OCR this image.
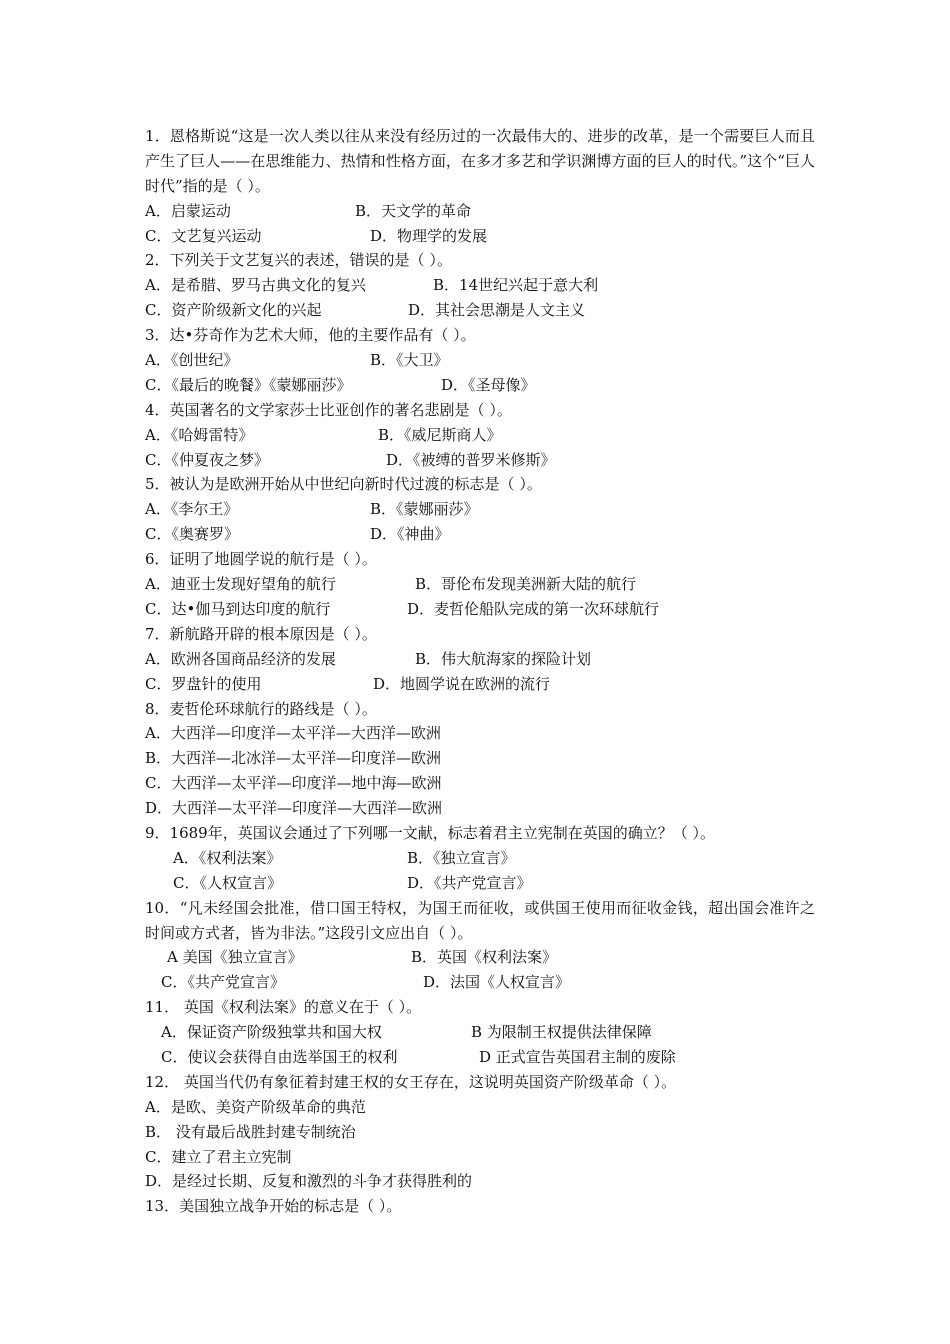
1．恩格斯说“这是一次人类以往从来没有经历过的一次最伟大的、进步的改革，是一个需要巨人而且产生了巨人——在思维能力、热情和性格方面，在多才多艺和学识渊博方面的巨人的时代。”这个“巨人时代”指的是（ ）。
A．启蒙运动	B．天文学的革命
C．文艺复兴运动	D．物理学的发展
2．下列关于文艺复兴的表述，错误的是（ ）。
A．是希腊、罗马古典文化的复兴	B．14世纪兴起于意大利
C．资产阶级新文化的兴起	D．其社会思潮是人文主义
3．达•芬奇作为艺术大师，他的主要作品有（ ）。
A．《创世纪》	B．《大卫》
C．《最后的晚餐》《蒙娜丽莎》	D．《圣母像》
4．英国著名的文学家莎士比亚创作的著名悲剧是（ ）。
A．《哈姆雷特》	B．《威尼斯商人》
C．《仲夏夜之梦》	D．《被缚的普罗米修斯》
5．被认为是欧洲开始从中世纪向新时代过渡的标志是（ ）。
A．《李尔王》	B．《蒙娜丽莎》
C．《奥赛罗》	D．《神曲》
6．证明了地圆学说的航行是（ ）。
A．迪亚士发现好望角的航行	B．哥伦布发现美洲新大陆的航行
C．达•伽马到达印度的航行	D．麦哲伦船队完成的第一次环球航行
7．新航路开辟的根本原因是（ ）。
A．欧洲各国商品经济的发展	B．伟大航海家的探险计划
C．罗盘针的使用	D．地圆学说在欧洲的流行
8．麦哲伦环球航行的路线是（ ）。
A．大西洋—印度洋—太平洋—大西洋—欧洲
B．大西洋—北冰洋—太平洋—印度洋—欧洲
C．大西洋—太平洋—印度洋—地中海—欧洲
D．大西洋—太平洋—印度洋—大西洋—欧洲
9．1689年，英国议会通过了下列哪一文献，标志着君主立宪制在英国的确立？（ ）。
A．《权利法案》	B．《独立宣言》
C．《人权宣言》	D．《共产党宣言》
10．“凡未经国会批准，借口国王特权，为国王而征收，或供国王使用而征收金钱，超出国会准许之时间或方式者，皆为非法。”这段引文应出自（ ）。
A 美国《独立宣言》	B．英国《权利法案》
C．《共产党宣言》	D．法国《人权宣言》
11． 英国《权利法案》的意义在于（ ）。
A．保证资产阶级独掌共和国大权	B 为限制王权提供法律保障
C．使议会获得自由选举国王的权利	D 正式宣告英国君主制的废除
12． 英国当代仍有象征着封建王权的女王存在，这说明英国资产阶级革命（ ）。
A．是欧、美资产阶级革命的典范
B． 没有最后战胜封建专制统治
C．建立了君主立宪制
D．是经过长期、反复和激烈的斗争才获得胜利的
13．美国独立战争开始的标志是（ ）。
